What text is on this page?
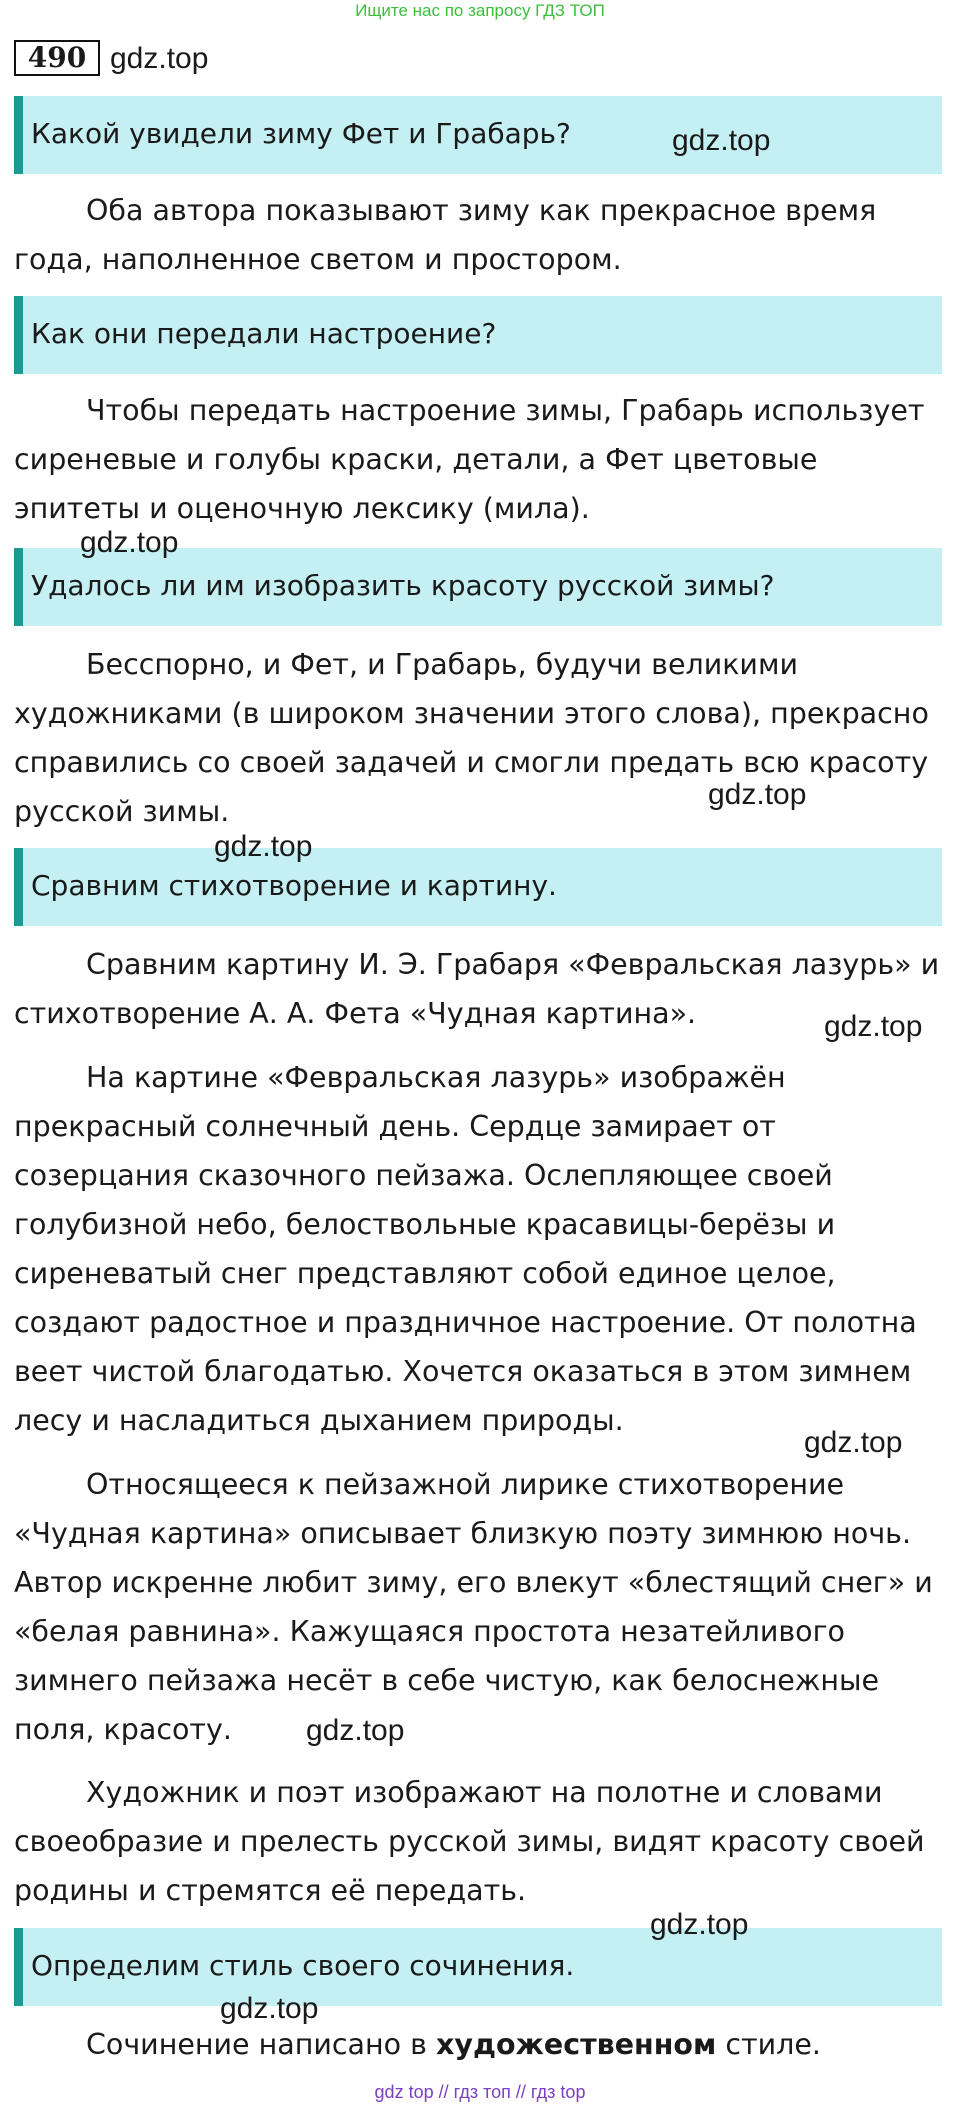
Ищите нас по запросу ГДЗ ТОП
490 gdz.top
Какой увидели зиму Фет и Грабарь?

Оба автора показывают зиму как прекрасное время года, наполненное светом и простором.

Как они передали настроение?

Чтобы передать настроение зимы, Грабарь использует сиреневые и голубы краски, детали, а Фет цветовые эпитеты и оценочную лексику (мила).

Удалось ли им изобразить красоту русской зимы?

Бесспорно, и Фет, и Грабарь, будучи великими художниками (в широком значении этого слова), прекрасно справились со своей задачей и смогли предать всю красоту русской зимы.

Сравним стихотворение и картину.

Сравним картину И. Э. Грабаря «Февральская лазурь» и стихотворение А. А. Фета «Чудная картина».

На картине «Февральская лазурь» изображён прекрасный солнечный день. Сердце замирает от созерцания сказочного пейзажа. Ослепляющее своей голубизной небо, белоствольные красавицы-берёзы и сиреневатый снег представляют собой единое целое, создают радостное и праздничное настроение. От полотна веет чистой благодатью. Хочется оказаться в этом зимнем лесу и насладиться дыханием природы.

Относящееся к пейзажной лирике стихотворение «Чудная картина» описывает близкую поэту зимнюю ночь. Автор искренне любит зиму, его влекут «блестящий снег» и «белая равнина». Кажущаяся простота незатейливого зимнего пейзажа несёт в себе чистую, как белоснежные поля, красоту.

Художник и поэт изображают на полотне и словами своеобразие и прелесть русской зимы, видят красоту своей родины и стремятся её передать.

Определим стиль своего сочинения.

Сочинение написано в художественном стиле.

gdz.top
gdz.top
gdz.top
gdz.top
gdz.top
gdz.top
gdz.top
gdz.top
gdz.top
gdz top // гдз топ // гдз top
